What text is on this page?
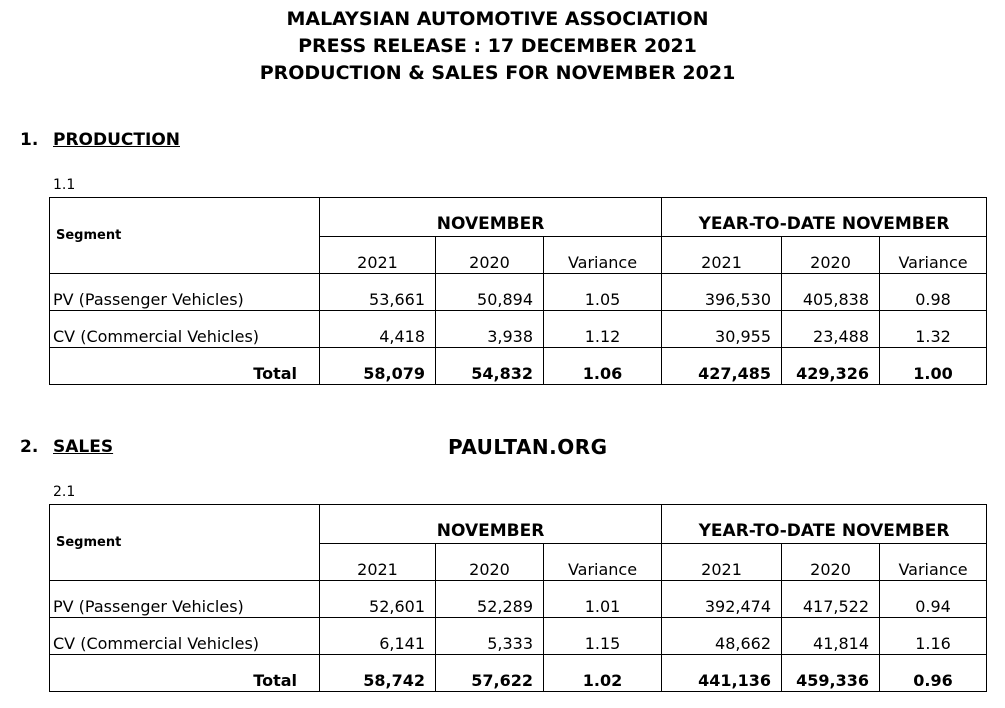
MALAYSIAN AUTOMOTIVE ASSOCIATION
PRESS RELEASE : 17 DECEMBER 2021
PRODUCTION & SALES FOR NOVEMBER 2021
1. PRODUCTION
1.1
Segment	NOVEMBER			YEAR-TO-DATE NOVEMBER		
	2021	2020	Variance	2021	2020	Variance
PV (Passenger Vehicles)	53,661	50,894	1.05	396,530	405,838	0.98
CV (Commercial Vehicles)	4,418	3,938	1.12	30,955	23,488	1.32
Total	58,079	54,832	1.06	427,485	429,326	1.00
2. SALES	PAULTAN.ORG
2.1
Segment	NOVEMBER			YEAR-TO-DATE NOVEMBER		
	2021	2020	Variance	2021	2020	Variance
PV (Passenger Vehicles)	52,601	52,289	1.01	392,474	417,522	0.94
CV (Commercial Vehicles)	6,141	5,333	1.15	48,662	41,814	1.16
Total	58,742	57,622	1.02	441,136	459,336	0.96
